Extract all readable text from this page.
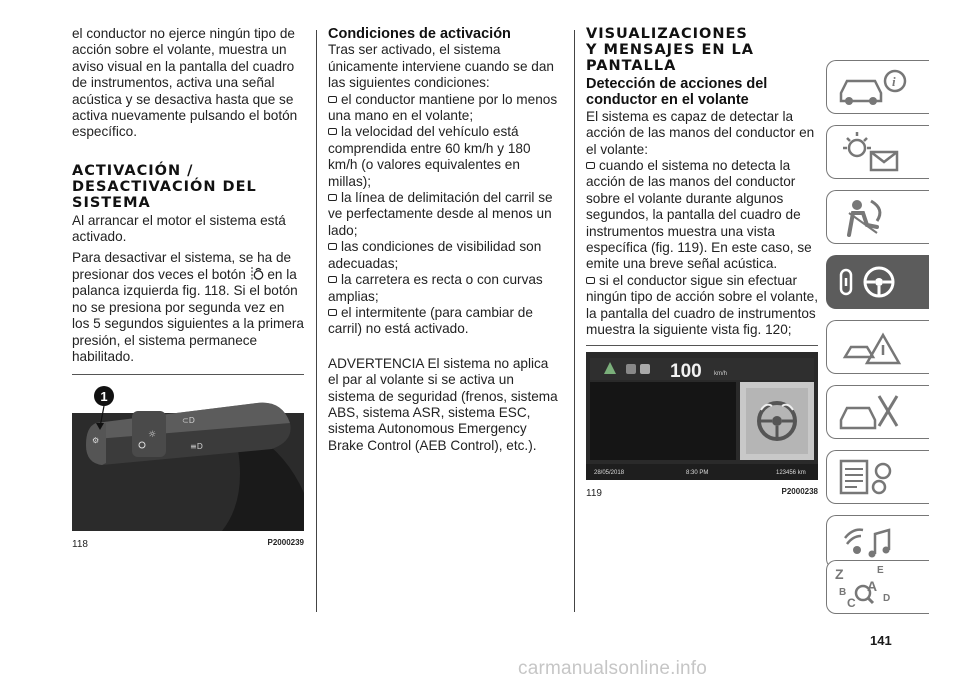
el conductor no ejerce ningún tipo de acción sobre el volante, muestra un aviso visual en la pantalla del cuadro de instrumentos, activa una señal acústica y se desactiva hasta que se activa nuevamente pulsando el botón específico.

ACTIVACIÓN /
DESACTIVACIÓN DEL
SISTEMA

Al arrancar el motor el sistema está activado.

Para desactivar el sistema, se ha de presionar dos veces el botón en la palanca izquierda fig. 118. Si el botón no se presiona por segunda vez en los 5 segundos siguientes a la primera presión, el sistema permanece habilitado.

⚙
☼
⊂D
≡D
1
118	P2000239

Condiciones de activación

Tras ser activado, el sistema únicamente interviene cuando se dan las siguientes condiciones:

el conductor mantiene por lo menos una mano en el volante;

la velocidad del vehículo está comprendida entre 60 km/h y 180 km/h (o valores equivalentes en millas);

la línea de delimitación del carril se ve perfectamente desde al menos un lado;

las condiciones de visibilidad son adecuadas;

la carretera es recta o con curvas amplias;

el intermitente (para cambiar de carril) no está activado.

ADVERTENCIA El sistema no aplica el par al volante si se activa un sistema de seguridad (frenos, sistema ABS, sistema ASR, sistema ESC, sistema Autonomous Emergency Brake Control (AEB Control), etc.).

VISUALIZACIONES
Y MENSAJES EN LA
PANTALLA

Detección de acciones del conductor en el volante

El sistema es capaz de detectar la acción de las manos del conductor en el volante:

cuando el sistema no detecta la acción de las manos del conductor sobre el volante durante algunos segundos, la pantalla del cuadro de instrumentos muestra una vista específica (fig. 119). En este caso, se emite una breve señal acústica.

si el conductor sigue sin efectuar ningún tipo de acción sobre el volante, la pantalla del cuadro de instrumentos muestra la siguiente vista fig. 120;

100 km/h
28/05/2018	8:30 PM	123456 km
119	P2000238
i
Z	E
A
B
C	D
141
carmanualsonline.info
